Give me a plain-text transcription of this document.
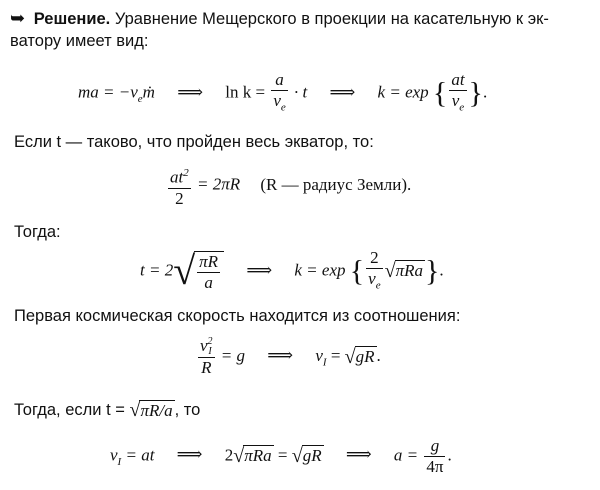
➥ Решение. Уравнение Мещерского в проекции на касательную к эк-
ватору имеет вид:
ma = $-v_eṁ$ ⟹ $\ln k = \frac{a}{v_e} \cdot t$ ⟹ k = exp { $\frac{at}{v_e}$ }.
Если t — таково, что пройден весь экватор, то:
$\frac{at^2}{2} = 2\pi R$ (R — радиус Земли).
Тогда:
$t = 2√ \frac{\pi R}{a}$ ⟹ k = exp { $\frac{2}{v_e} √\pi Ra$}.
Первая космическая скорость находится из соотношения:
v 2
I
R = g ⟹ $v_I = √gR$ .
Тогда, если t = √πR/a , то
$v_I$ = at ⟹ 2√πRa = √gR ⟹ $a = \frac{g}{4\pi}$ .
